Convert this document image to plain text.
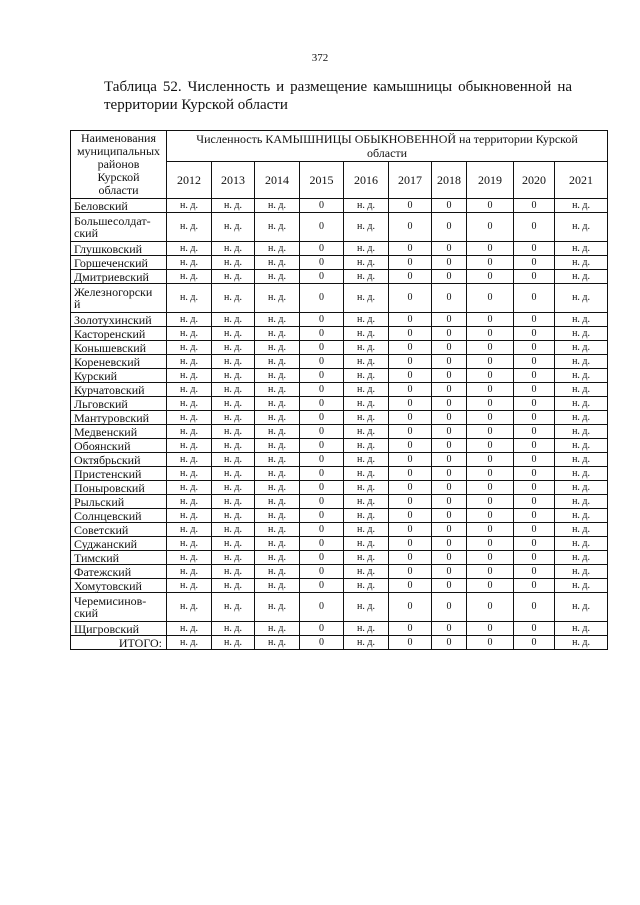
372
Таблица 52. Численность и размещение камышницы обыкновенной на
территории Курской области
Наименования
муниципальных
районов
Курской
области	Численность КАМЫШНИЦЫ ОБЫКНОВЕННОЙ на территории Курской
области									
	2012	2013	2014	2015	2016	2017	2018	2019	2020	2021
Беловский	н. д.	н. д.	н. д.	0	н. д.	0	0	0	0	н. д.
Большесолдат-
ский	н. д.	н. д.	н. д.	0	н. д.	0	0	0	0	н. д.
Глушковский	н. д.	н. д.	н. д.	0	н. д.	0	0	0	0	н. д.
Горшеченский	н. д.	н. д.	н. д.	0	н. д.	0	0	0	0	н. д.
Дмитриевский	н. д.	н. д.	н. д.	0	н. д.	0	0	0	0	н. д.
Железногорски
й	н. д.	н. д.	н. д.	0	н. д.	0	0	0	0	н. д.
Золотухинский	н. д.	н. д.	н. д.	0	н. д.	0	0	0	0	н. д.
Касторенский	н. д.	н. д.	н. д.	0	н. д.	0	0	0	0	н. д.
Конышевский	н. д.	н. д.	н. д.	0	н. д.	0	0	0	0	н. д.
Кореневский	н. д.	н. д.	н. д.	0	н. д.	0	0	0	0	н. д.
Курский	н. д.	н. д.	н. д.	0	н. д.	0	0	0	0	н. д.
Курчатовский	н. д.	н. д.	н. д.	0	н. д.	0	0	0	0	н. д.
Льговский	н. д.	н. д.	н. д.	0	н. д.	0	0	0	0	н. д.
Мантуровский	н. д.	н. д.	н. д.	0	н. д.	0	0	0	0	н. д.
Медвенский	н. д.	н. д.	н. д.	0	н. д.	0	0	0	0	н. д.
Обоянский	н. д.	н. д.	н. д.	0	н. д.	0	0	0	0	н. д.
Октябрьский	н. д.	н. д.	н. д.	0	н. д.	0	0	0	0	н. д.
Пристенский	н. д.	н. д.	н. д.	0	н. д.	0	0	0	0	н. д.
Поныровский	н. д.	н. д.	н. д.	0	н. д.	0	0	0	0	н. д.
Рыльский	н. д.	н. д.	н. д.	0	н. д.	0	0	0	0	н. д.
Солнцевский	н. д.	н. д.	н. д.	0	н. д.	0	0	0	0	н. д.
Советский	н. д.	н. д.	н. д.	0	н. д.	0	0	0	0	н. д.
Суджанский	н. д.	н. д.	н. д.	0	н. д.	0	0	0	0	н. д.
Тимский	н. д.	н. д.	н. д.	0	н. д.	0	0	0	0	н. д.
Фатежский	н. д.	н. д.	н. д.	0	н. д.	0	0	0	0	н. д.
Хомутовский	н. д.	н. д.	н. д.	0	н. д.	0	0	0	0	н. д.
Черемисинов-
ский	н. д.	н. д.	н. д.	0	н. д.	0	0	0	0	н. д.
Щигровский	н. д.	н. д.	н. д.	0	н. д.	0	0	0	0	н. д.
ИТОГО:	н. д.	н. д.	н. д.	0	н. д.	0	0	0	0	н. д.
